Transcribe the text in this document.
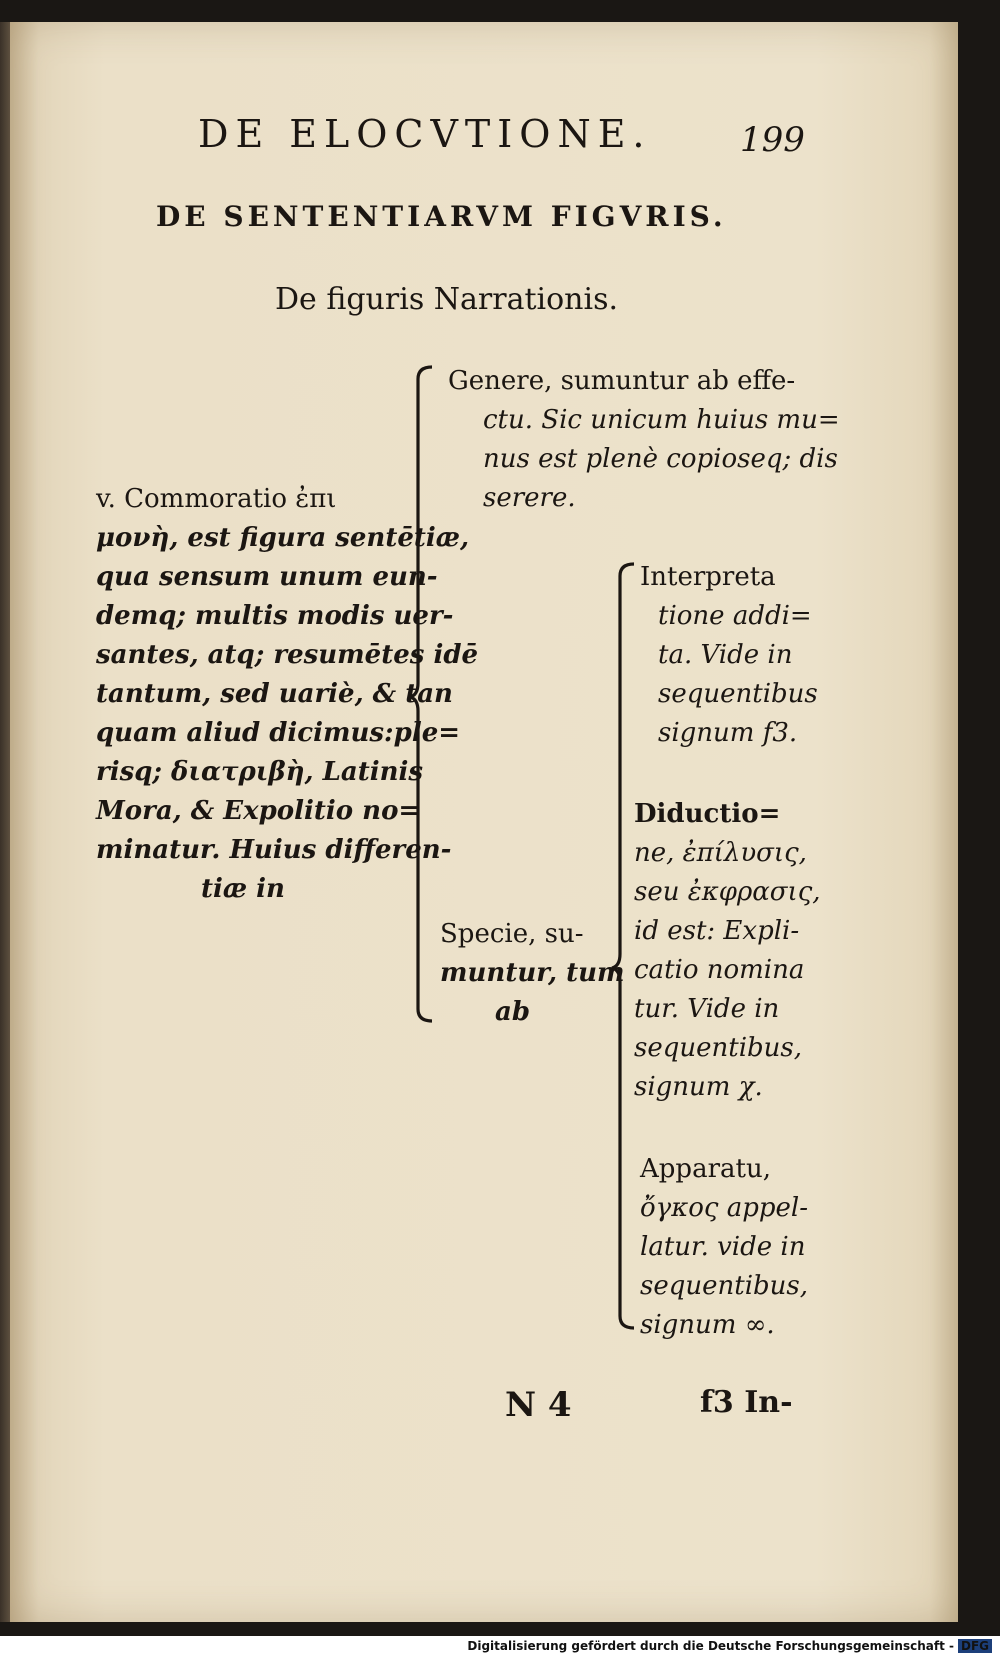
DE ELOCVTIONE.	199
DE SENTENTIARVM FIGVRIS.
De figuris Narrationis.
v. Commoratio ἐπι
μονὴ, est figura sentētiæ,
qua sensum unum eun-
demq; multis modis uer-
santes, atq; resumētes idē
tantum, sed uariè, & tan
quam aliud dicimus:ple=
risq; διατριβὴ, Latinis
Mora, & Expolitio no=
minatur. Huius differen-
tiæ in
Genere, sumuntur ab effe-
ctu. Sic unicum huius mu=
nus est plenè copioseq; dis
serere.
Specie, su-
muntur, tum
ab
Interpreta
tione addi=
ta. Vide in
sequentibus
signum f3.
Diductio=
ne, ἐπίλυσις,
seu ἐκφρασις,
id est: Expli-
catio nomina
tur. Vide in
sequentibus,
signum χ.
Apparatu,
ὄγκος appel-
latur. vide in
sequentibus,
signum ∞.
N 4	f3 In-
Digitalisierung gefördert durch die Deutsche Forschungsgemeinschaft - DFG
